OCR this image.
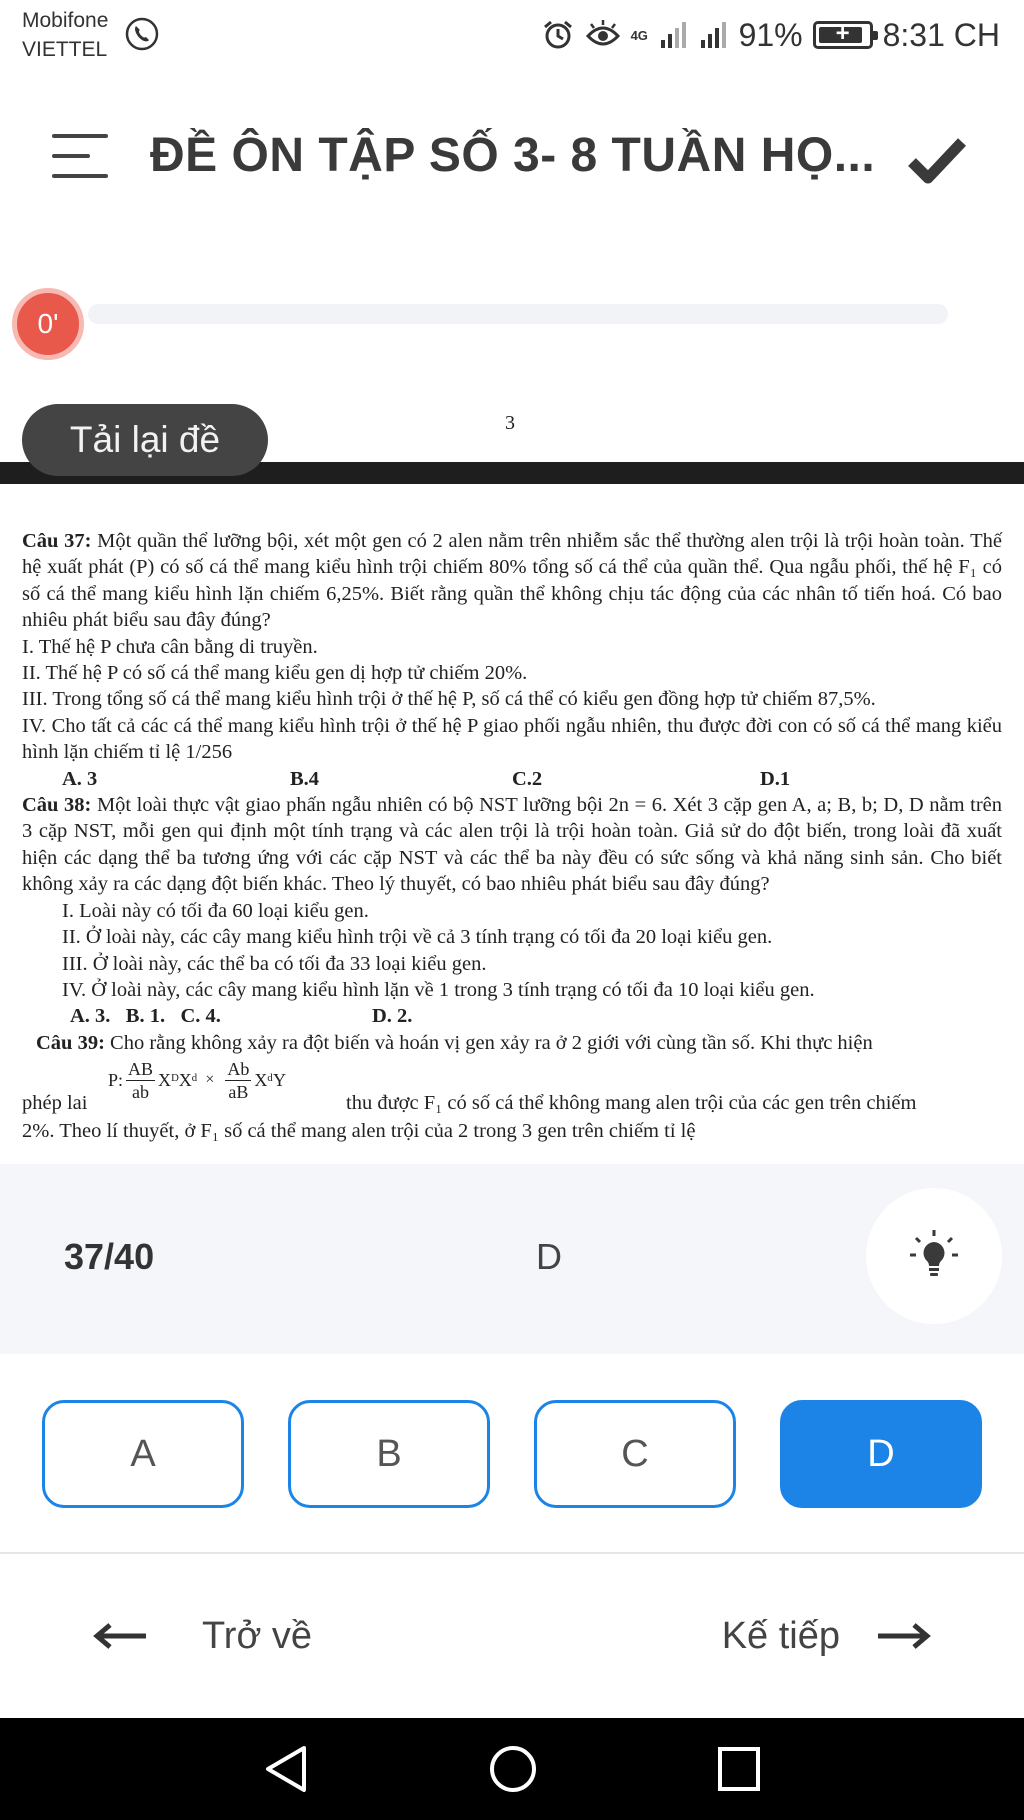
Mobifone
VIETTEL
4G	91%	+	8:31 CH
ĐỀ ÔN TẬP SỐ 3- 8 TUẦN HỌ...
0'
Tải lại đề	3

Câu 37: Một quần thể lưỡng bội, xét một gen có 2 alen nằm trên nhiễm sắc thể thường alen trội là trội hoàn toàn. Thế hệ xuất phát (P) có số cá thể mang kiểu hình trội chiếm 80% tổng số cá thể của quần thể. Qua ngẫu phối, thế hệ F₁ có số cá thể mang kiểu hình lặn chiếm 6,25%. Biết rằng quần thể không chịu tác động của các nhân tố tiến hoá. Có bao nhiêu phát biểu sau đây đúng?

I. Thế hệ P chưa cân bằng di truyền.

II. Thế hệ P có số cá thể mang kiểu gen dị hợp tử chiếm 20%.

III. Trong tổng số cá thể mang kiểu hình trội ở thế hệ P, số cá thể có kiểu gen đồng hợp tử chiếm 87,5%.

IV. Cho tất cả các cá thể mang kiểu hình trội ở thế hệ P giao phối ngẫu nhiên, thu được đời con có số cá thể mang kiểu hình lặn chiếm tỉ lệ 1/256

A. 3	B.4	C.2	D.1

Câu 38: Một loài thực vật giao phấn ngẫu nhiên có bộ NST lưỡng bội 2n = 6. Xét 3 cặp gen A, a; B, b; D, D nằm trên 3 cặp NST, mỗi gen qui định một tính trạng và các alen trội là trội hoàn toàn. Giả sử do đột biến, trong loài đã xuất hiện các dạng thể ba tương ứng với các cặp NST và các thể ba này đều có sức sống và khả năng sinh sản. Cho biết không xảy ra các dạng đột biến khác. Theo lý thuyết, có bao nhiêu phát biểu sau đây đúng?

I. Loài này có tối đa 60 loại kiểu gen.

II. Ở loài này, các cây mang kiểu hình trội về cả 3 tính trạng có tối đa 20 loại kiểu gen.

III. Ở loài này, các thể ba có tối đa 33 loại kiểu gen.

IV. Ở loài này, các cây mang kiểu hình lặn về 1 trong 3 tính trạng có tối đa 10 loại kiểu gen.

A. 3.   B. 1.   C. 4.	D. 2.

Câu 39: Cho rằng không xảy ra đột biến và hoán vị gen xảy ra ở 2 giới với cùng tần số. Khi thực hiện

phép lai
P: $\frac{AB}{ab}$ XᴰXᵈ × $\frac{Ab}{aB}$ XᵈY
thu được F₁ có số cá thể không mang alen trội của các gen trên chiếm

2%. Theo lí thuyết, ở F₁ số cá thể mang alen trội của 2 trong 3 gen trên chiếm tỉ lệ

37/40	D
A	B	C	D
Trở về	Kế tiếp
